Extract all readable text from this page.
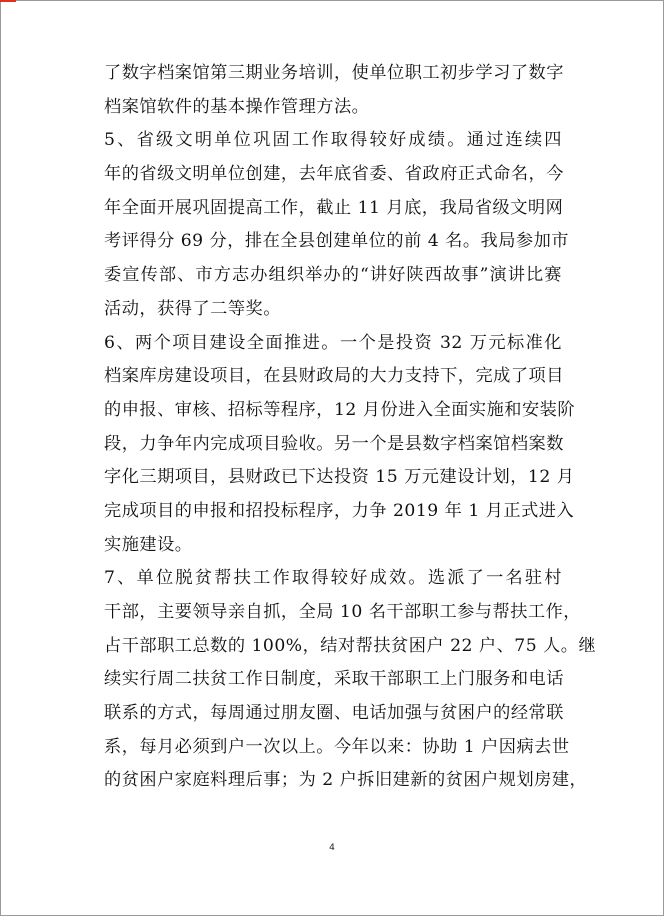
了数字档案馆第三期业务培训，使单位职工初步学习了数字
档案馆软件的基本操作管理方法。
5、省级文明单位巩固工作取得较好成绩。通过连续四
年的省级文明单位创建，去年底省委、省政府正式命名，今
年全面开展巩固提高工作，截止 11 月底，我局省级文明网
考评得分 69 分，排在全县创建单位的前 4 名。我局参加市
委宣传部、市方志办组织举办的“讲好陕西故事”演讲比赛
活动，获得了二等奖。
6、两个项目建设全面推进。一个是投资 32 万元标准化
档案库房建设项目，在县财政局的大力支持下，完成了项目
的申报、审核、招标等程序，12 月份进入全面实施和安装阶
段，力争年内完成项目验收。另一个是县数字档案馆档案数
字化三期项目，县财政已下达投资 15 万元建设计划，12 月
完成项目的申报和招投标程序，力争 2019 年 1 月正式进入
实施建设。
7、单位脱贫帮扶工作取得较好成效。选派了一名驻村
干部，主要领导亲自抓，全局 10 名干部职工参与帮扶工作，
占干部职工总数的 100%，结对帮扶贫困户 22 户、75 人。继
续实行周二扶贫工作日制度，采取干部职工上门服务和电话
联系的方式，每周通过朋友圈、电话加强与贫困户的经常联
系，每月必须到户一次以上。今年以来：协助 1 户因病去世
的贫困户家庭料理后事；为 2 户拆旧建新的贫困户规划房建，
4
